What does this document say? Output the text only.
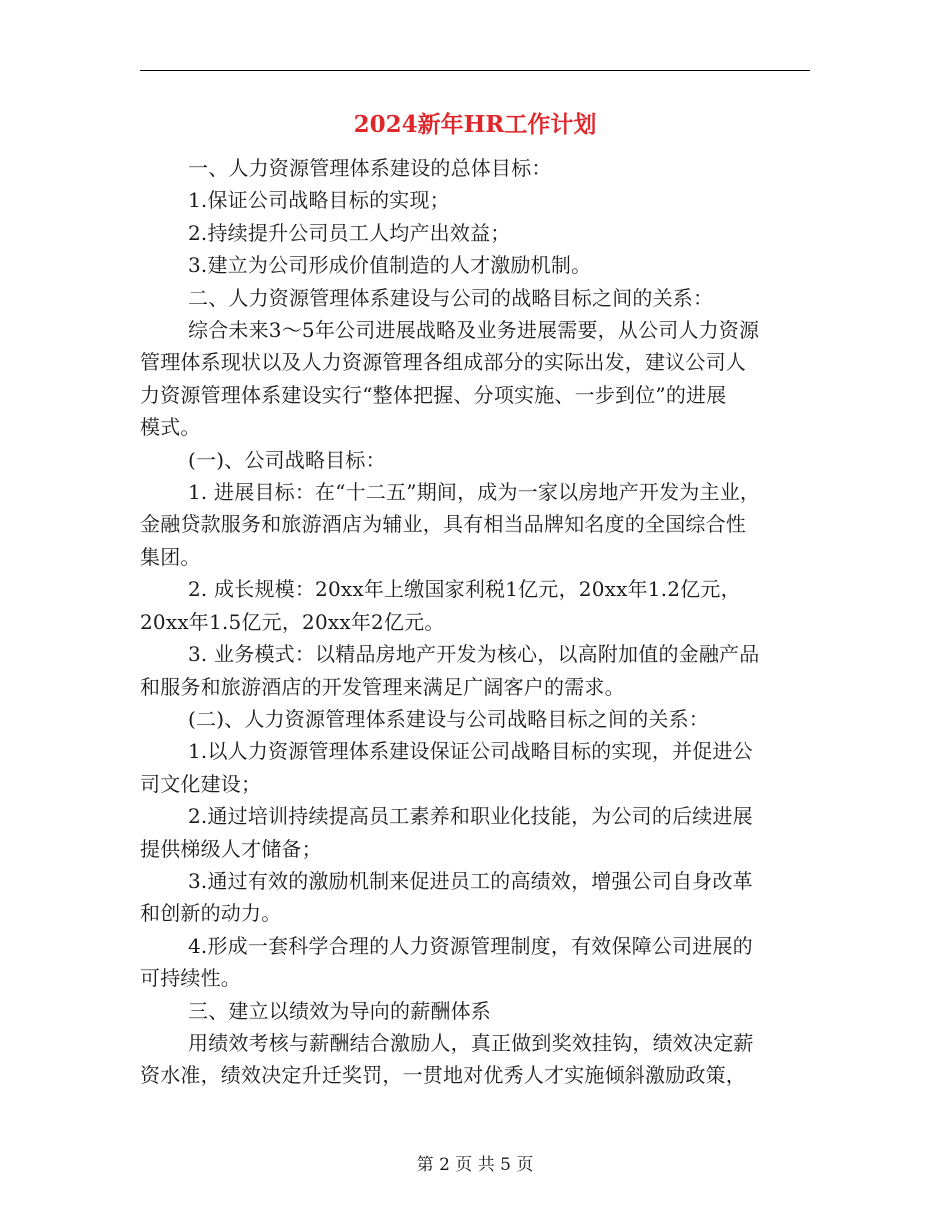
2024新年HR工作计划

一、人力资源管理体系建设的总体目标：

1.保证公司战略目标的实现；

2.持续提升公司员工人均产出效益；

3.建立为公司形成价值制造的人才激励机制。

二、人力资源管理体系建设与公司的战略目标之间的关系：

综合未来3～5年公司进展战略及业务进展需要，从公司人力资源
管理体系现状以及人力资源管理各组成部分的实际出发，建议公司人
力资源管理体系建设实行“整体把握、分项实施、一步到位”的进展
模式。

(一)、公司战略目标：

1. 进展目标：在“十二五”期间，成为一家以房地产开发为主业，
金融贷款服务和旅游酒店为辅业，具有相当品牌知名度的全国综合性
集团。

2. 成长规模：20xx年上缴国家利税1亿元，20xx年1.2亿元，
20xx年1.5亿元，20xx年2亿元。

3. 业务模式：以精品房地产开发为核心，以高附加值的金融产品
和服务和旅游酒店的开发管理来满足广阔客户的需求。

(二)、人力资源管理体系建设与公司战略目标之间的关系：

1.以人力资源管理体系建设保证公司战略目标的实现，并促进公
司文化建设；

2.通过培训持续提高员工素养和职业化技能，为公司的后续进展
提供梯级人才储备；

3.通过有效的激励机制来促进员工的高绩效，增强公司自身改革
和创新的动力。

4.形成一套科学合理的人力资源管理制度，有效保障公司进展的
可持续性。

三、建立以绩效为导向的薪酬体系

用绩效考核与薪酬结合激励人，真正做到奖效挂钩，绩效决定薪
资水准，绩效决定升迁奖罚，一贯地对优秀人才实施倾斜激励政策，

第 2 页 共 5 页
